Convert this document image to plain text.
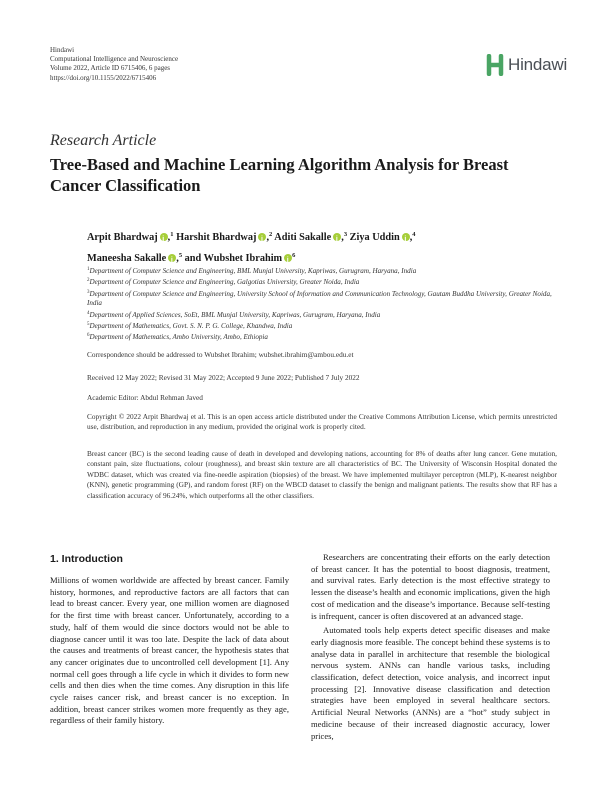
Hindawi
Computational Intelligence and Neuroscience
Volume 2022, Article ID 6715406, 6 pages
https://doi.org/10.1155/2022/6715406
Hindawi
Research Article
Tree-Based and Machine Learning Algorithm Analysis for Breast Cancer Classification
Arpit Bhardwaj i ,$^1$ Harshit Bhardwaj i ,$^2$ Aditi Sakalle i ,$^3$ Ziya Uddin i ,$^4$
Maneesha Sakalle i ,$^5$ and Wubshet Ibrahim i $^6$
$^1$Department of Computer Science and Engineering, BML Munjal University, Kapriwas, Gurugram, Haryana, India
$^2$Department of Computer Science and Engineering, Galgotias University, Greater Noida, India
$^3$Department of Computer Science and Engineering, University School of Information and Communication Technology, Gautam Buddha University, Greater Noida, India
$^4$Department of Applied Sciences, SoEt, BML Munjal University, Kapriwas, Gurugram, Haryana, India
$^5$Department of Mathematics, Govt. S. N. P. G. College, Khandwa, India
$^6$Department of Mathematics, Ambo University, Ambo, Ethiopia
Correspondence should be addressed to Wubshet Ibrahim; wubshet.ibrahim@ambou.edu.et
Received 12 May 2022; Revised 31 May 2022; Accepted 9 June 2022; Published 7 July 2022
Academic Editor: Abdul Rehman Javed
Copyright © 2022 Arpit Bhardwaj et al. This is an open access article distributed under the Creative Commons Attribution License, which permits unrestricted use, distribution, and reproduction in any medium, provided the original work is properly cited.
Breast cancer (BC) is the second leading cause of death in developed and developing nations, accounting for 8% of deaths after lung cancer. Gene mutation, constant pain, size fluctuations, colour (roughness), and breast skin texture are all characteristics of BC. The University of Wisconsin Hospital donated the WDBC dataset, which was created via fine-needle aspiration (biopsies) of the breast. We have implemented multilayer perceptron (MLP), K-nearest neighbor (KNN), genetic programming (GP), and random forest (RF) on the WBCD dataset to classify the benign and malignant patients. The results show that RF has a classification accuracy of 96.24%, which outperforms all the other classifiers.
1. Introduction

Millions of women worldwide are affected by breast cancer. Family history, hormones, and reproductive factors are all factors that can lead to breast cancer. Every year, one million women are diagnosed for the first time with breast cancer. Unfortunately, according to a study, half of them would die since doctors would not be able to diagnose cancer until it was too late. Despite the lack of data about the causes and treatments of breast cancer, the hypothesis states that any cancer originates due to uncontrolled cell development [1]. Any normal cell goes through a life cycle in which it divides to form new cells and then dies when the time comes. Any disruption in this life cycle raises cancer risk, and breast cancer is no exception. In addition, breast cancer strikes women more frequently as they age, regardless of their family history.

Researchers are concentrating their efforts on the early detection of breast cancer. It has the potential to boost diagnosis, treatment, and survival rates. Early detection is the most effective strategy to lessen the disease’s health and economic implications, given the high cost of medication and the disease’s importance. Because self-testing is infrequent, cancer is often discovered at an advanced stage.

Automated tools help experts detect specific diseases and make early diagnosis more feasible. The concept behind these systems is to analyse data in parallel in architecture that resemble the biological nervous system. ANNs can handle various tasks, including classification, defect detection, voice analysis, and incorrect input processing [2]. Innovative disease classification and detection strategies have been employed in several healthcare sectors. Artificial Neural Networks (ANNs) are a “hot” study subject in medicine because of their increased diagnostic accuracy, lower prices,
